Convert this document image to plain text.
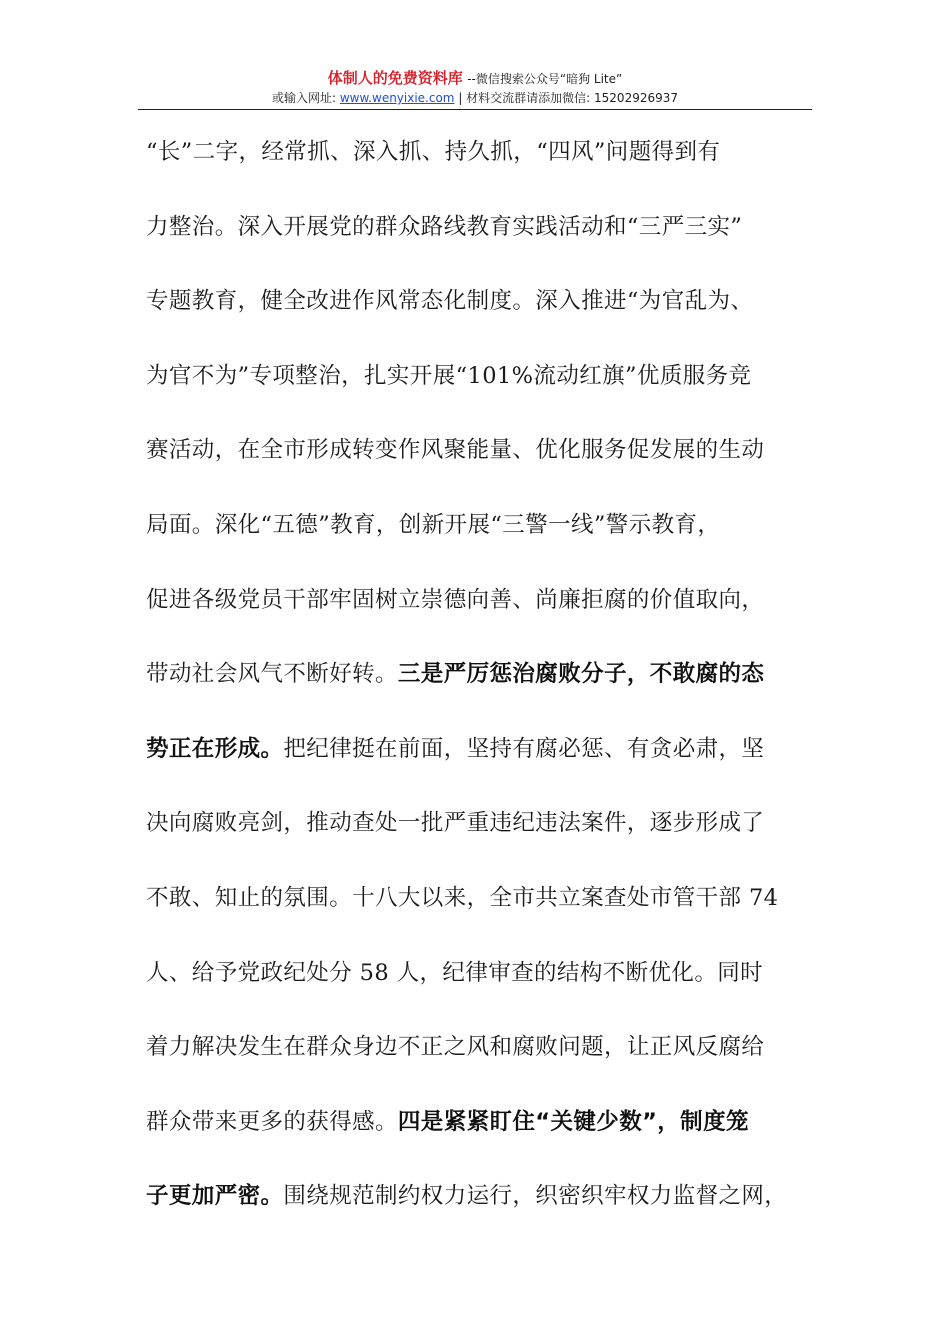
体制人的免费资料库 --微信搜索公众号“暗狗 Lite”
或输入网址: www.wenyixie.com | 材料交流群请添加微信: 15202926937
“长”二字，经常抓、深入抓、持久抓，“四风”问题得到有
力整治。深入开展党的群众路线教育实践活动和“三严三实”
专题教育，健全改进作风常态化制度。深入推进“为官乱为、
为官不为”专项整治，扎实开展“101%流动红旗”优质服务竞
赛活动，在全市形成转变作风聚能量、优化服务促发展的生动
局面。深化“五德”教育，创新开展“三警一线”警示教育，
促进各级党员干部牢固树立崇德向善、尚廉拒腐的价值取向，
带动社会风气不断好转。三是严厉惩治腐败分子，不敢腐的态
势正在形成。把纪律挺在前面，坚持有腐必惩、有贪必肃，坚
决向腐败亮剑，推动查处一批严重违纪违法案件，逐步形成了
不敢、知止的氛围。十八大以来，全市共立案查处市管干部 74
人、给予党政纪处分 58 人，纪律审查的结构不断优化。同时
着力解决发生在群众身边不正之风和腐败问题，让正风反腐给
群众带来更多的获得感。四是紧紧盯住“关键少数”，制度笼
子更加严密。围绕规范制约权力运行，织密织牢权力监督之网，
